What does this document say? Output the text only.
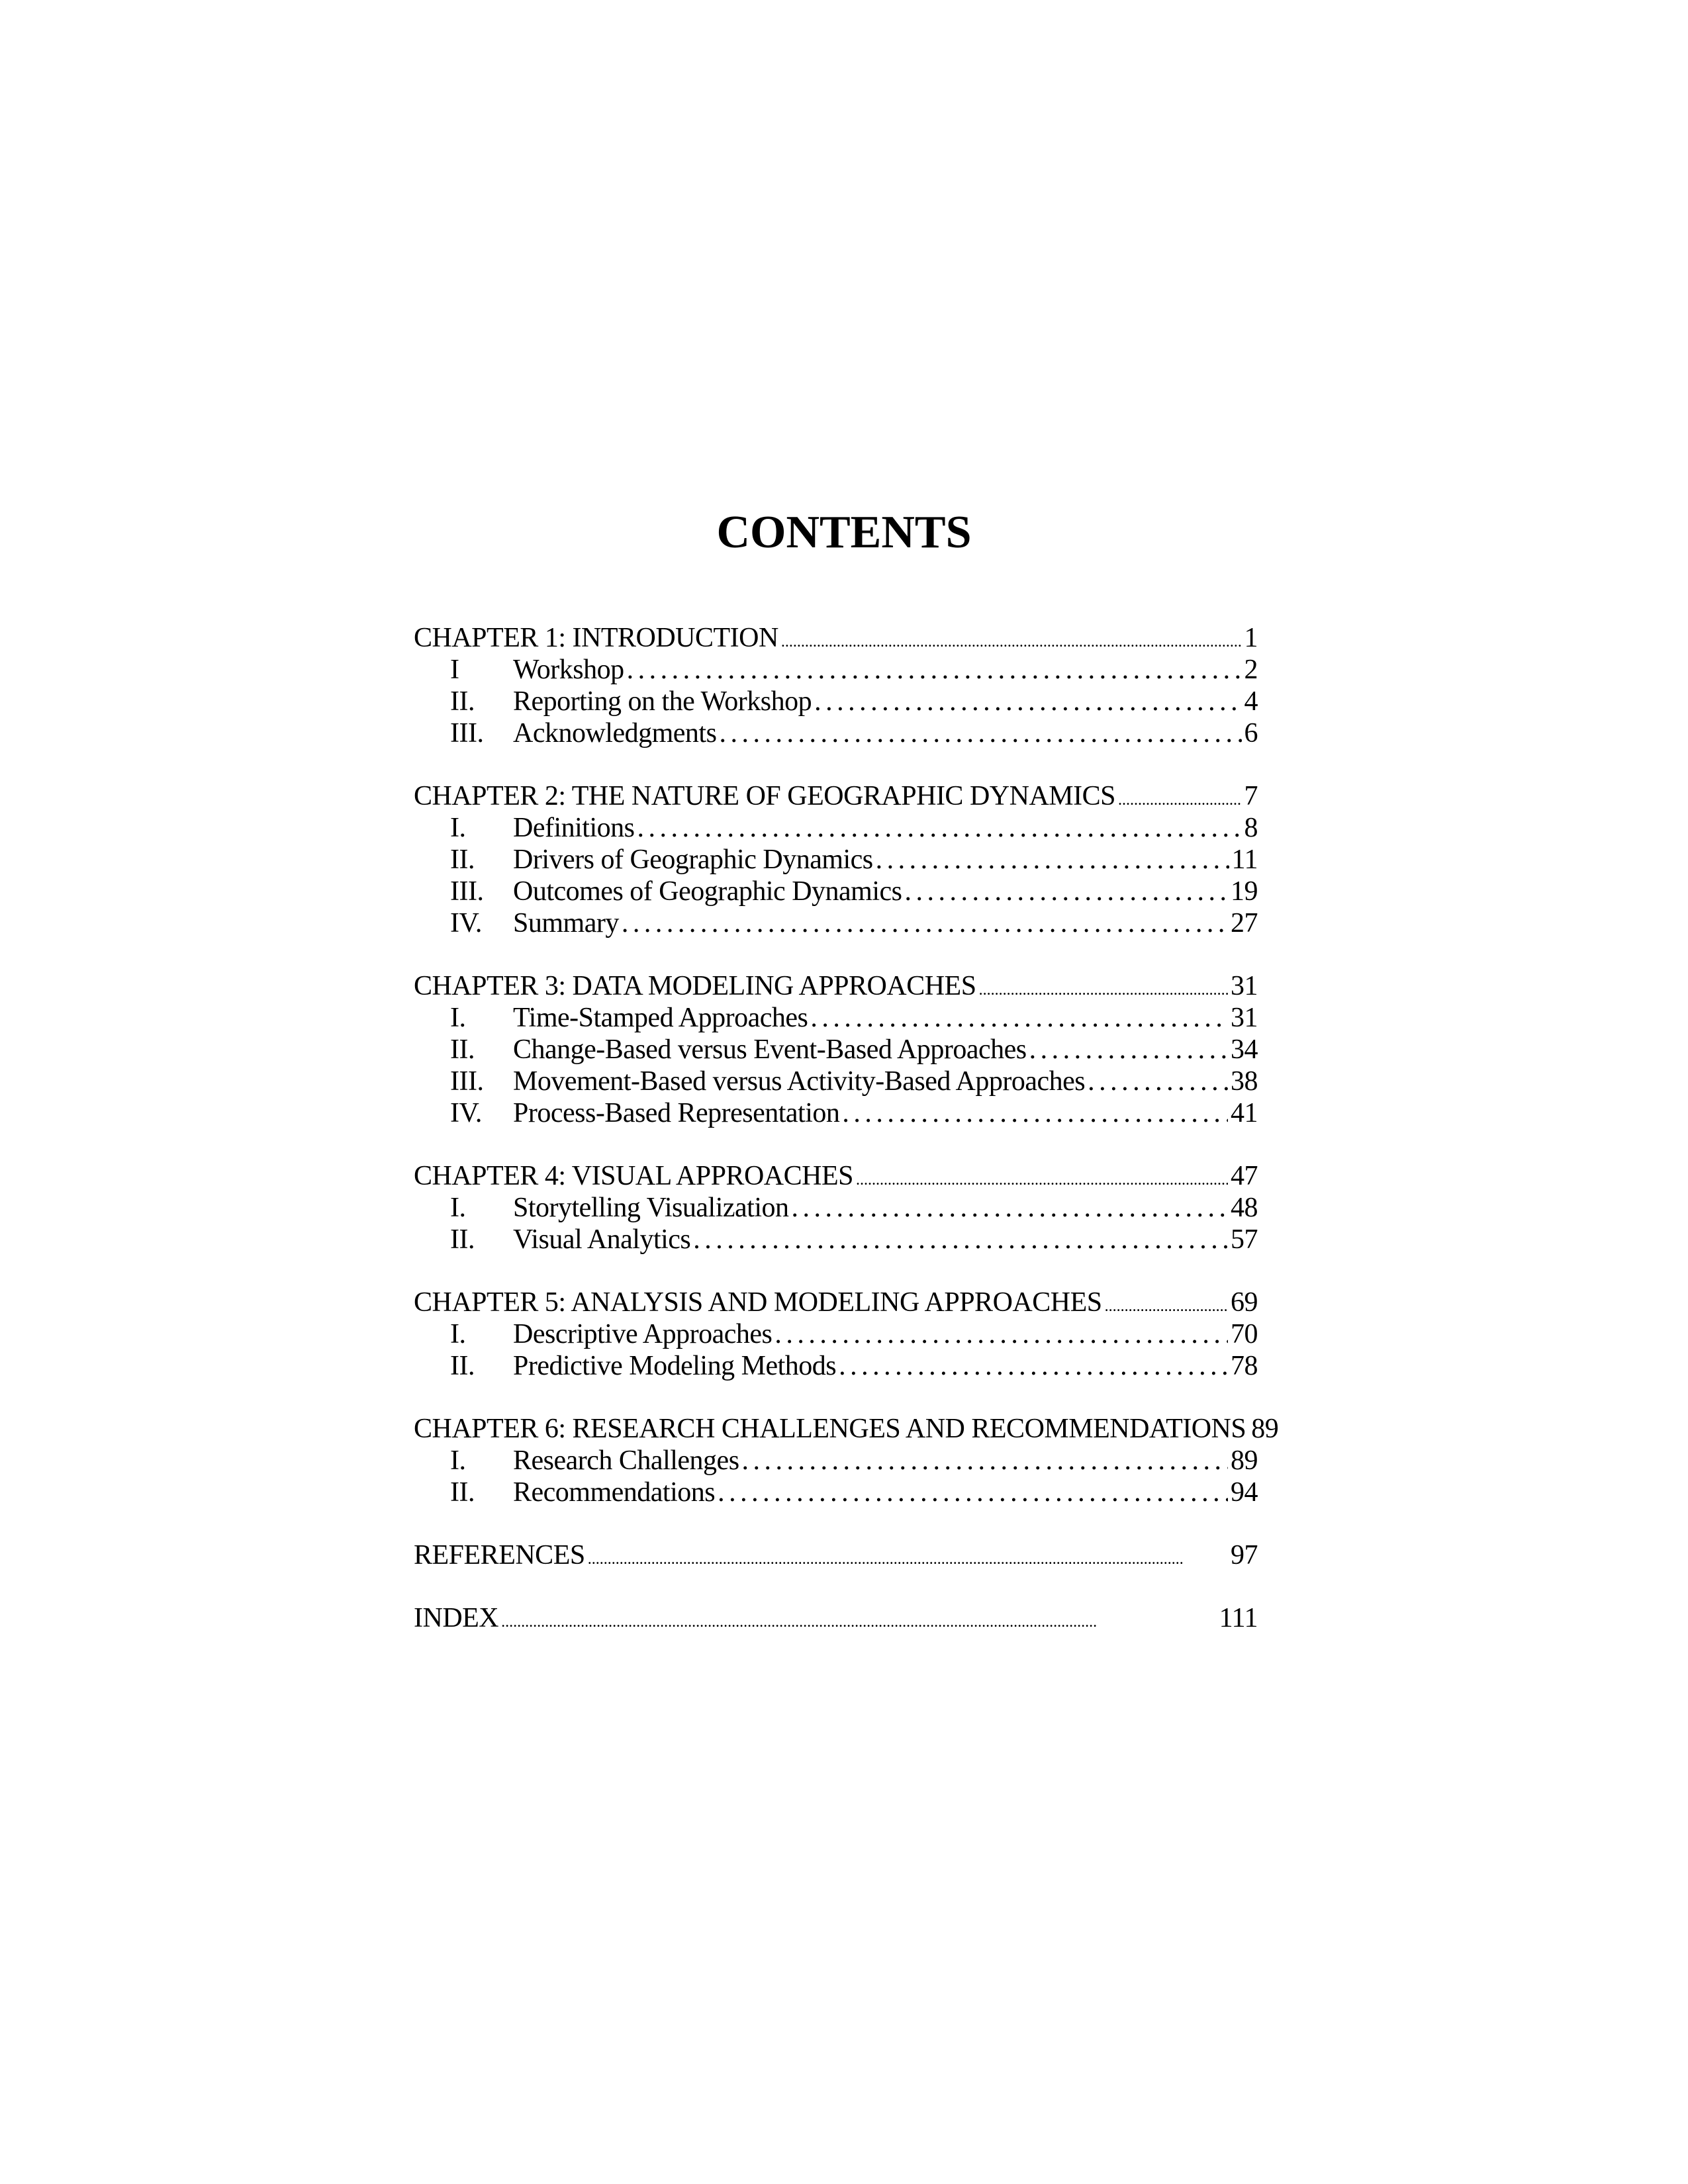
CONTENTS
CHAPTER 1: INTRODUCTION . . .	1
I	Workshop . . .	2
II.	Reporting on the Workshop . . .	4
III.	Acknowledgments . . .	6
CHAPTER 2: THE NATURE OF GEOGRAPHIC DYNAMICS . . .	7
I.	Definitions . . .	8
II.	Drivers of Geographic Dynamics . . .	11
III.	Outcomes of Geographic Dynamics . . .	19
IV.	Summary . . .	27
CHAPTER 3: DATA MODELING APPROACHES . . .	31
I.	Time-Stamped Approaches . . .	31
II.	Change-Based versus Event-Based Approaches . . .	34
III.	Movement-Based versus Activity-Based Approaches . . .	38
IV.	Process-Based Representation . . .	41
CHAPTER 4: VISUAL APPROACHES . . .	47
I.	Storytelling Visualization . . .	48
II.	Visual Analytics . . .	57
CHAPTER 5: ANALYSIS AND MODELING APPROACHES . . .	69
I.	Descriptive Approaches . . .	70
II.	Predictive Modeling Methods . . .	78
CHAPTER 6: RESEARCH CHALLENGES AND RECOMMENDATIONS 89
I.	Research Challenges . . .	89
II.	Recommendations . . .	94
REFERENCES . . .	97
INDEX . . .	111
